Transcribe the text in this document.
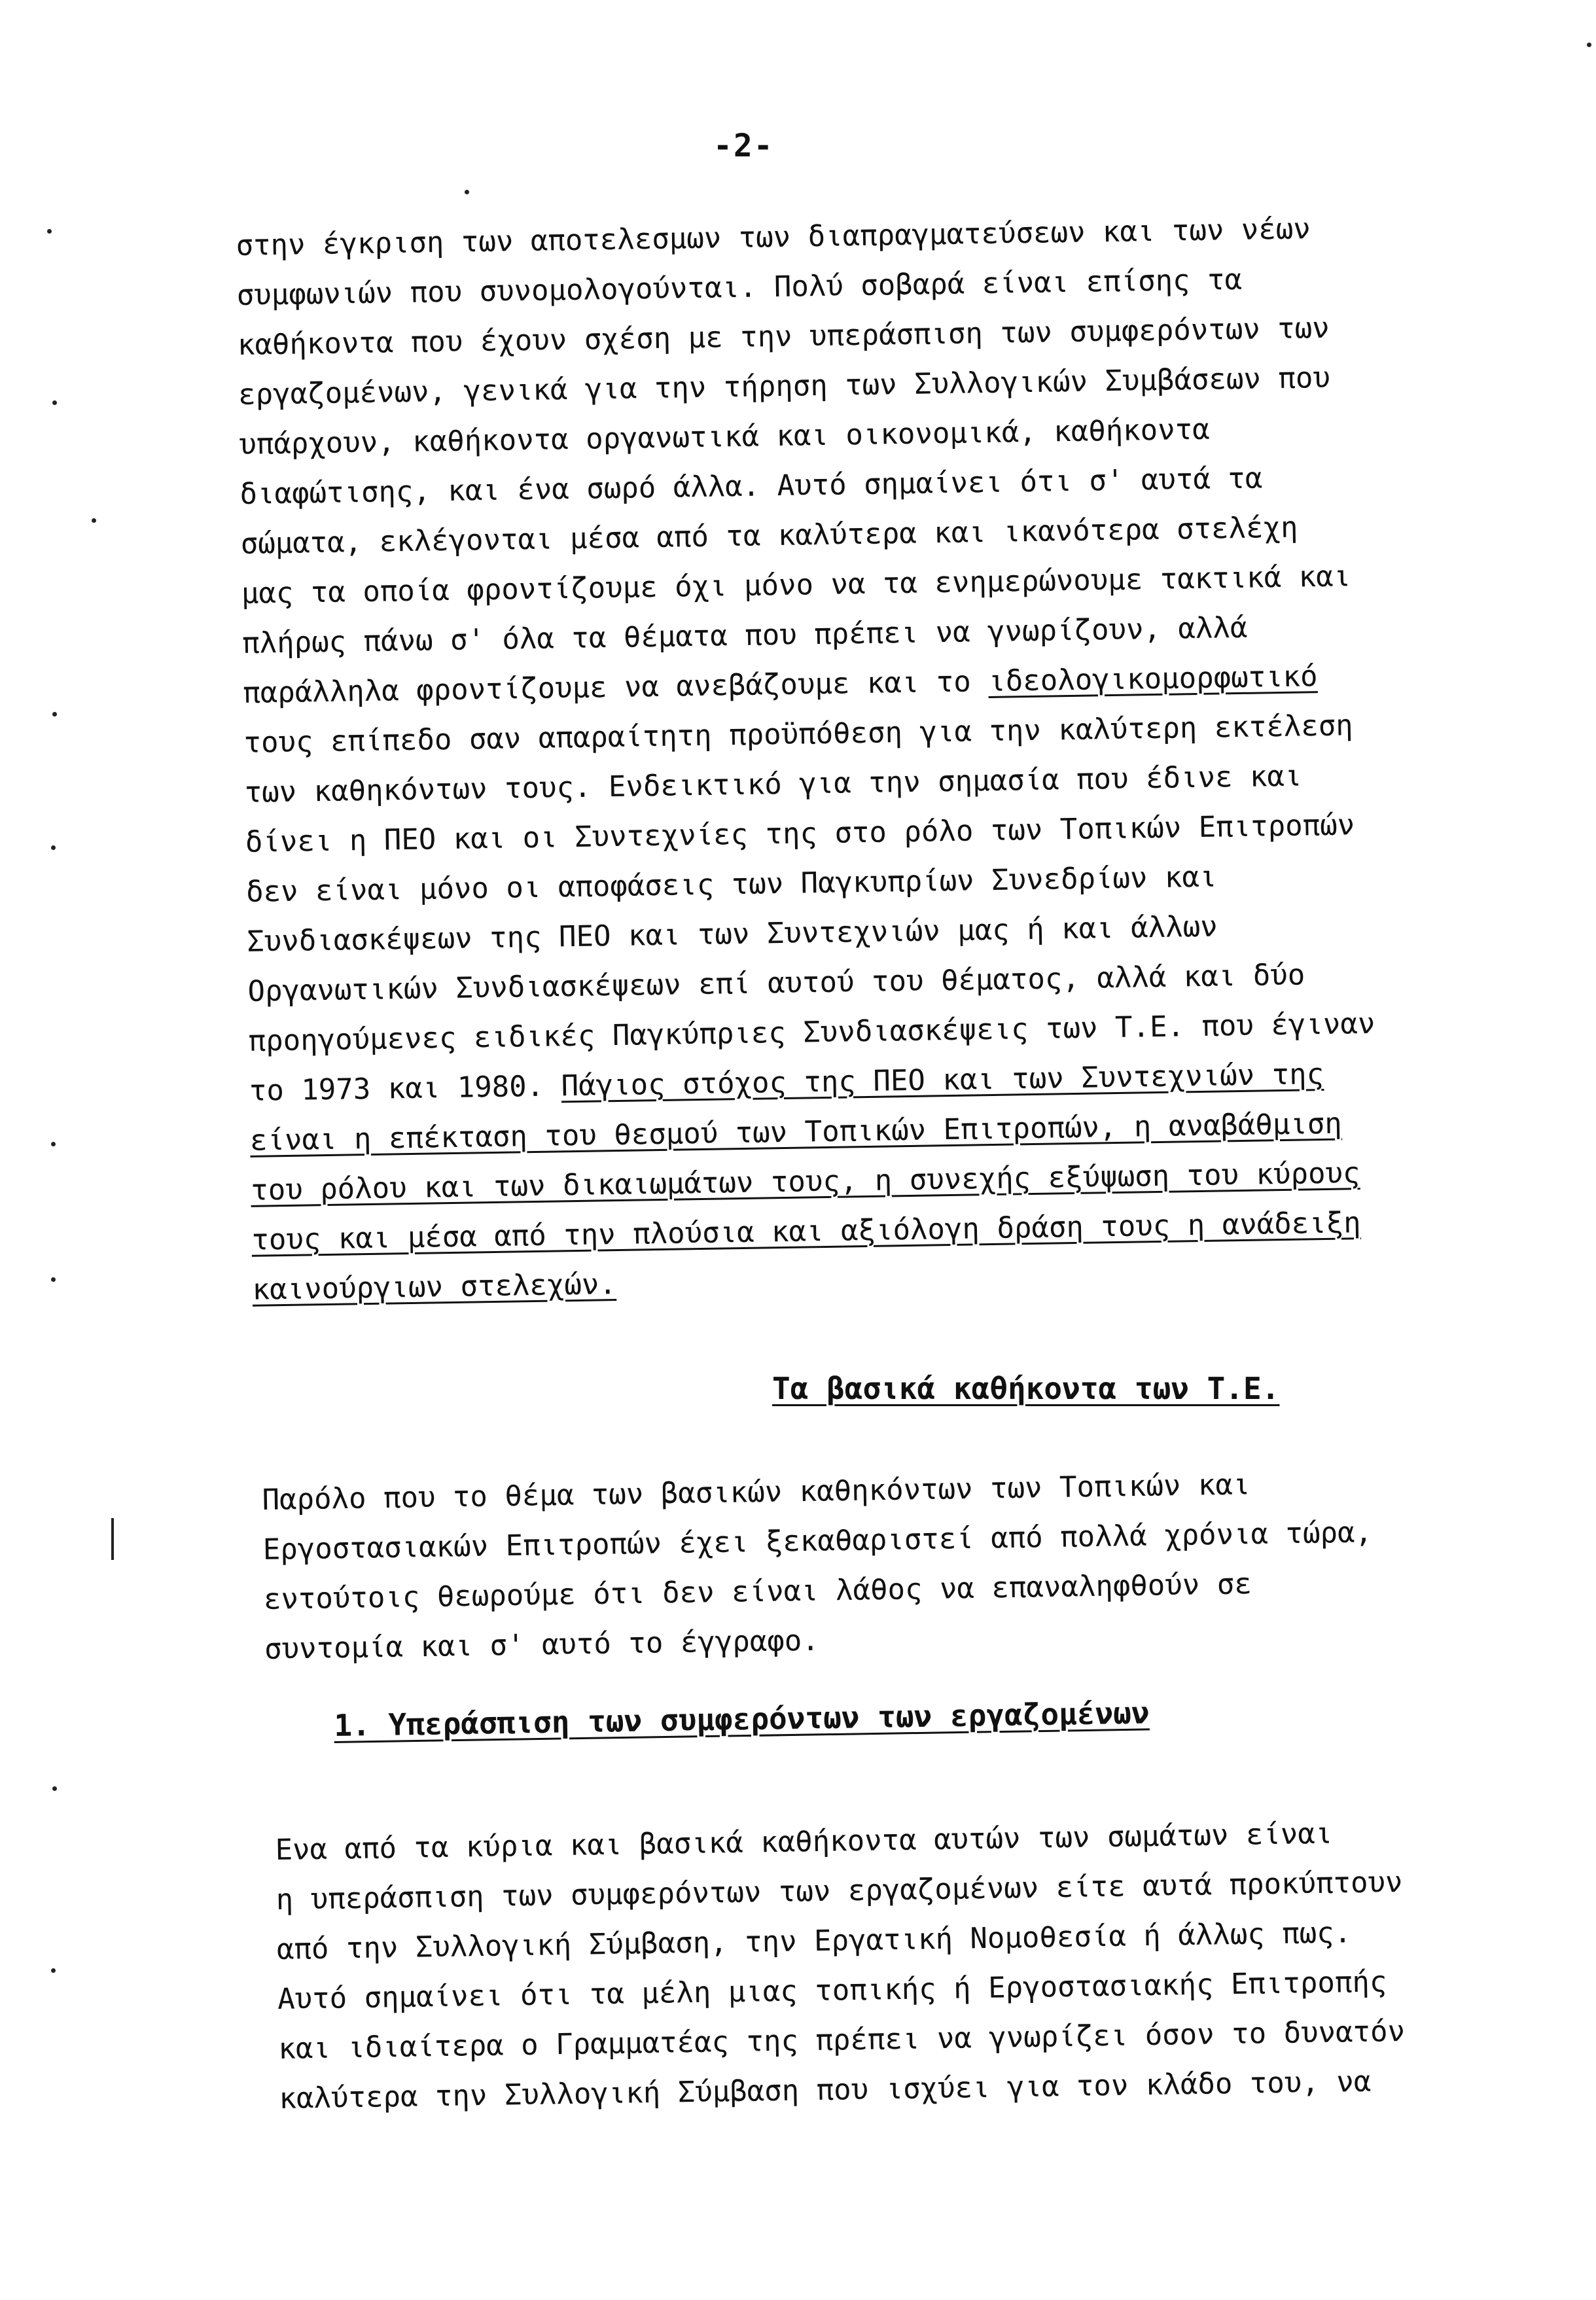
-2-

στην έγκριση των αποτελεσμων των διαπραγματεύσεων και των νέων
συμφωνιών που συνομολογούνται. Πολύ σοβαρά είναι επίσης τα
καθήκοντα που έχουν σχέση με την υπεράσπιση των συμφερόντων των
εργαζομένων, γενικά για την τήρηση των Συλλογικών Συμβάσεων που
υπάρχουν, καθήκοντα οργανωτικά και οικονομικά, καθήκοντα
διαφώτισης, και ένα σωρό άλλα. Αυτό σημαίνει ότι σ' αυτά τα
σώματα, εκλέγονται μέσα από τα καλύτερα και ικανότερα στελέχη
μας τα οποία φροντίζουμε όχι μόνο να τα ενημερώνουμε τακτικά και
πλήρως πάνω σ' όλα τα θέματα που πρέπει να γνωρίζουν, αλλά
παράλληλα φροντίζουμε να ανεβάζουμε και το ιδεολογικομορφωτικό
τους επίπεδο σαν απαραίτητη προϋπόθεση για την καλύτερη εκτέλεση
των καθηκόντων τους. Ενδεικτικό για την σημασία που έδινε και
δίνει η ΠΕΟ και οι Συντεχνίες της στο ρόλο των Τοπικών Επιτροπών
δεν είναι μόνο οι αποφάσεις των Παγκυπρίων Συνεδρίων και
Συνδιασκέψεων της ΠΕΟ και των Συντεχνιών μας ή και άλλων
Οργανωτικών Συνδιασκέψεων επί αυτού του θέματος, αλλά και δύο
προηγούμενες ειδικές Παγκύπριες Συνδιασκέψεις των Τ.Ε. που έγιναν
το 1973 και 1980. Πάγιος στόχος της ΠΕΟ και των Συντεχνιών της
είναι η επέκταση του θεσμού των Τοπικών Επιτροπών, η αναβάθμιση
του ρόλου και των δικαιωμάτων τους, η συνεχής εξύψωση του κύρους
τους και μέσα από την πλούσια και αξιόλογη δράση τους η ανάδειξη
καινούργιων στελεχών.

Τα βασικά καθήκοντα των Τ.Ε.

Παρόλο που το θέμα των βασικών καθηκόντων των Τοπικών και
Εργοστασιακών Επιτροπών έχει ξεκαθαριστεί από πολλά χρόνια τώρα,
εντούτοις θεωρούμε ότι δεν είναι λάθος να επαναληφθούν σε
συντομία και σ' αυτό το έγγραφο.

1. Υπεράσπιση των συμφερόντων των εργαζομένων

Ενα από τα κύρια και βασικά καθήκοντα αυτών των σωμάτων είναι
η υπεράσπιση των συμφερόντων των εργαζομένων είτε αυτά προκύπτουν
από την Συλλογική Σύμβαση, την Εργατική Νομοθεσία ή άλλως πως.
Αυτό σημαίνει ότι τα μέλη μιας τοπικής ή Εργοστασιακής Επιτροπής
και ιδιαίτερα ο Γραμματέας της πρέπει να γνωρίζει όσον το δυνατόν
καλύτερα την Συλλογική Σύμβαση που ισχύει για τον κλάδο του, να
